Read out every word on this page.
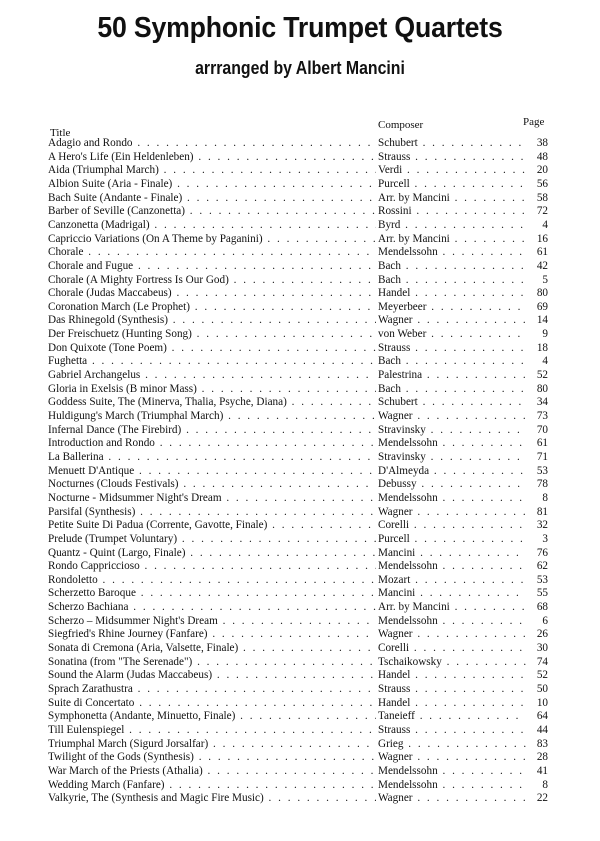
50 Symphonic Trumpet Quartets
arrranged by Albert Mancini
Title
Composer	Page
Adagio and Rondo . . .	Schubert . . .	38
A Hero's Life (Ein Heldenleben) . . .	Strauss . . .	48
Aida (Triumphal March) . . .	Verdi . . .	20
Albion Suite (Aria - Finale) . . .	Purcell . . .	56
Bach Suite (Andante - Finale) . . .	Arr. by Mancini . . .	58
Barber of Seville (Canzonetta) . . .	Rossini . . .	72
Canzonetta (Madrigal) . . .	Byrd . . .	4
Capriccio Variations (On A Theme by Paganini) . . .	Arr. by Mancini . . .	16
Chorale . . .	Mendelssohn . . .	61
Chorale and Fugue . . .	Bach . . .	42
Chorale (A Mighty Fortress Is Our God) . . .	Bach . . .	5
Chorale (Judas Maccabeus) . . .	Handel . . .	80
Coronation March (Le Prophet) . . .	Meyerbeer . . .	69
Das Rhinegold (Synthesis) . . .	Wagner . . .	14
Der Freischuetz (Hunting Song) . . .	von Weber . . .	9
Don Quixote (Tone Poem) . . .	Strauss . . .	18
Fughetta . . .	Bach . . .	4
Gabriel Archangelus . . .	Palestrina . . .	52
Gloria in Exelsis (B minor Mass) . . .	Bach . . .	80
Goddess Suite, The (Minerva, Thalia, Psyche, Diana) . . .	Schubert . . .	34
Huldigung's March (Triumphal March) . . .	Wagner . . .	73
Infernal Dance (The Firebird) . . .	Stravinsky . . .	70
Introduction and Rondo . . .	Mendelssohn . . .	61
La Ballerina . . .	Stravinsky . . .	71
Menuett D'Antique . . .	D'Almeyda . . .	53
Nocturnes (Clouds Festivals) . . .	Debussy . . .	78
Nocturne - Midsummer Night's Dream . . .	Mendelssohn . . .	8
Parsifal (Synthesis) . . .	Wagner . . .	81
Petite Suite Di Padua (Corrente, Gavotte, Finale) . . .	Corelli . . .	32
Prelude (Trumpet Voluntary) . . .	Purcell . . .	3
Quantz - Quint (Largo, Finale) . . .	Mancini . . .	76
Rondo Cappriccioso . . .	Mendelssohn . . .	62
Rondoletto . . .	Mozart . . .	53
Scherzetto Baroque . . .	Mancini . . .	55
Scherzo Bachiana . . .	Arr. by Mancini . . .	68
Scherzo – Midsummer Night's Dream . . .	Mendelssohn . . .	6
Siegfried's Rhine Journey (Fanfare) . . .	Wagner . . .	26
Sonata di Cremona (Aria, Valsette, Finale) . . .	Corelli . . .	30
Sonatina (from "The Serenade") . . .	Tschaikowsky . . .	74
Sound the Alarm (Judas Maccabeus) . . .	Handel . . .	52
Sprach Zarathustra . . .	Strauss . . .	50
Suite di Concertato . . .	Handel . . .	10
Symphonetta (Andante, Minuetto, Finale) . . .	Taneieff . . .	64
Till Eulenspiegel . . .	Strauss . . .	44
Triumphal March (Sigurd Jorsalfar) . . .	Grieg . . .	83
Twilight of the Gods (Synthesis) . . .	Wagner . . .	28
War March of the Priests (Athalia) . . .	Mendelssohn . . .	41
Wedding March (Fanfare) . . .	Mendelssohn . . .	8
Valkyrie, The (Synthesis and Magic Fire Music) . . .	Wagner . . .	22
